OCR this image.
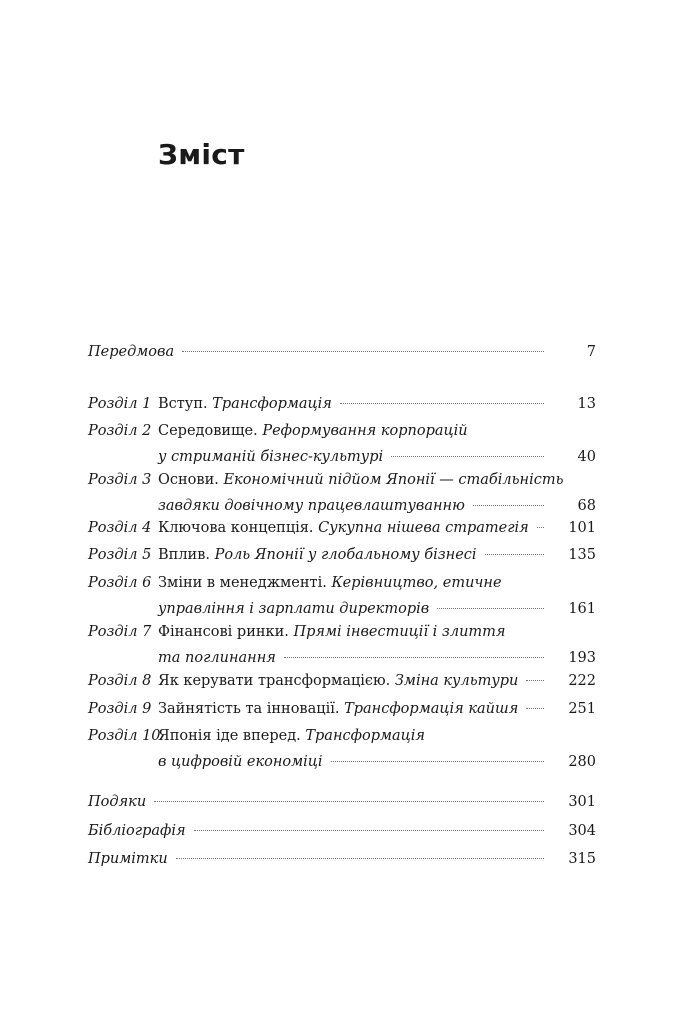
Зміст
Передмова	7
Розділ 1 Вступ. Трансформація	13
Розділ 2 Середовище. Реформування корпорацій
у стриманій бізнес-культурі	40
Розділ 3 Основи. Економічний підйом Японії — стабільність
завдяки довічному працевлаштуванню	68
Розділ 4 Ключова концепція. Сукупна нішева стратегія	101
Розділ 5 Вплив. Роль Японії у глобальному бізнесі	135
Розділ 6 Зміни в менеджменті. Керівництво, етичне
управління і зарплати директорів	161
Розділ 7 Фінансові ринки. Прямі інвестиції і злиття
та поглинання	193
Розділ 8 Як керувати трансформацією. Зміна культури	222
Розділ 9 Зайнятість та інновації. Трансформація кайшя	251
Розділ 10
Японія іде вперед. Трансформація
в цифровій економіці	280
Подяки	301
Бібліографія	304
Примітки	315
